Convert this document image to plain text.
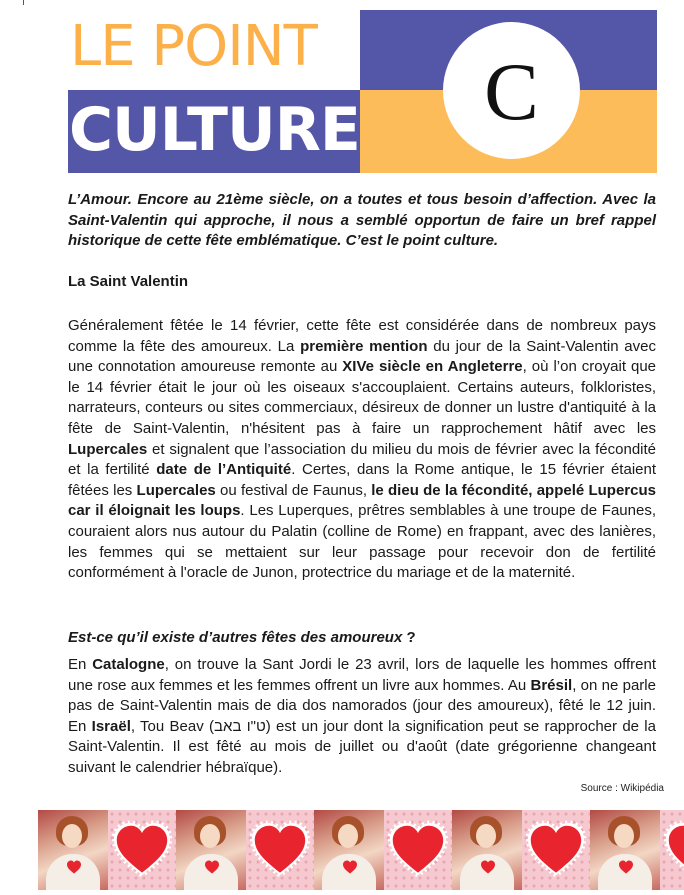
LE POINT
CULTURE C

L’Amour. Encore au 21ème siècle, on a toutes et tous besoin d’affection. Avec la Saint-Valentin qui approche, il nous a semblé opportun de faire un bref rappel historique de cette fête emblématique. C’est le point culture.

La Saint Valentin

Généralement fêtée le 14 février, cette fête est considérée dans de nombreux pays comme la fête des amoureux. La première mention du jour de la Saint-Valentin avec une connotation amoureuse remonte au XIVe siècle en Angleterre, où l’on croyait que le 14 février était le jour où les oiseaux s'accouplaient. Certains auteurs, folkloristes, narrateurs, conteurs ou sites commerciaux, désireux de donner un lustre d'antiquité à la fête de Saint-Valentin, n'hésitent pas à faire un rapprochement hâtif avec les Lupercales et signalent que l’association du milieu du mois de février avec la fécondité et la fertilité date de l’Antiquité. Certes, dans la Rome antique, le 15 février étaient fêtées les Lupercales ou festival de Faunus, le dieu de la fécondité, appelé Lupercus car il éloignait les loups. Les Luperques, prêtres semblables à une troupe de Faunes, couraient alors nus autour du Palatin (colline de Rome) en frappant, avec des lanières, les femmes qui se mettaient sur leur passage pour recevoir don de fertilité conformément à l'oracle de Junon, protectrice du mariage et de la maternité.

Est-ce qu’il existe d’autres fêtes des amoureux ?

En Catalogne, on trouve la Sant Jordi le 23 avril, lors de laquelle les hommes offrent une rose aux femmes et les femmes offrent un livre aux hommes. Au Brésil, on ne parle pas de Saint-Valentin mais de dia dos namorados (jour des amoureux), fêté le 12 juin. En Israël, Tou Beav (ט"ו באב) est un jour dont la signification peut se rapprocher de la Saint-Valentin. Il est fêté au mois de juillet ou d'août (date grégorienne changeant suivant le calendrier hébraïque).

Source : Wikipédia
